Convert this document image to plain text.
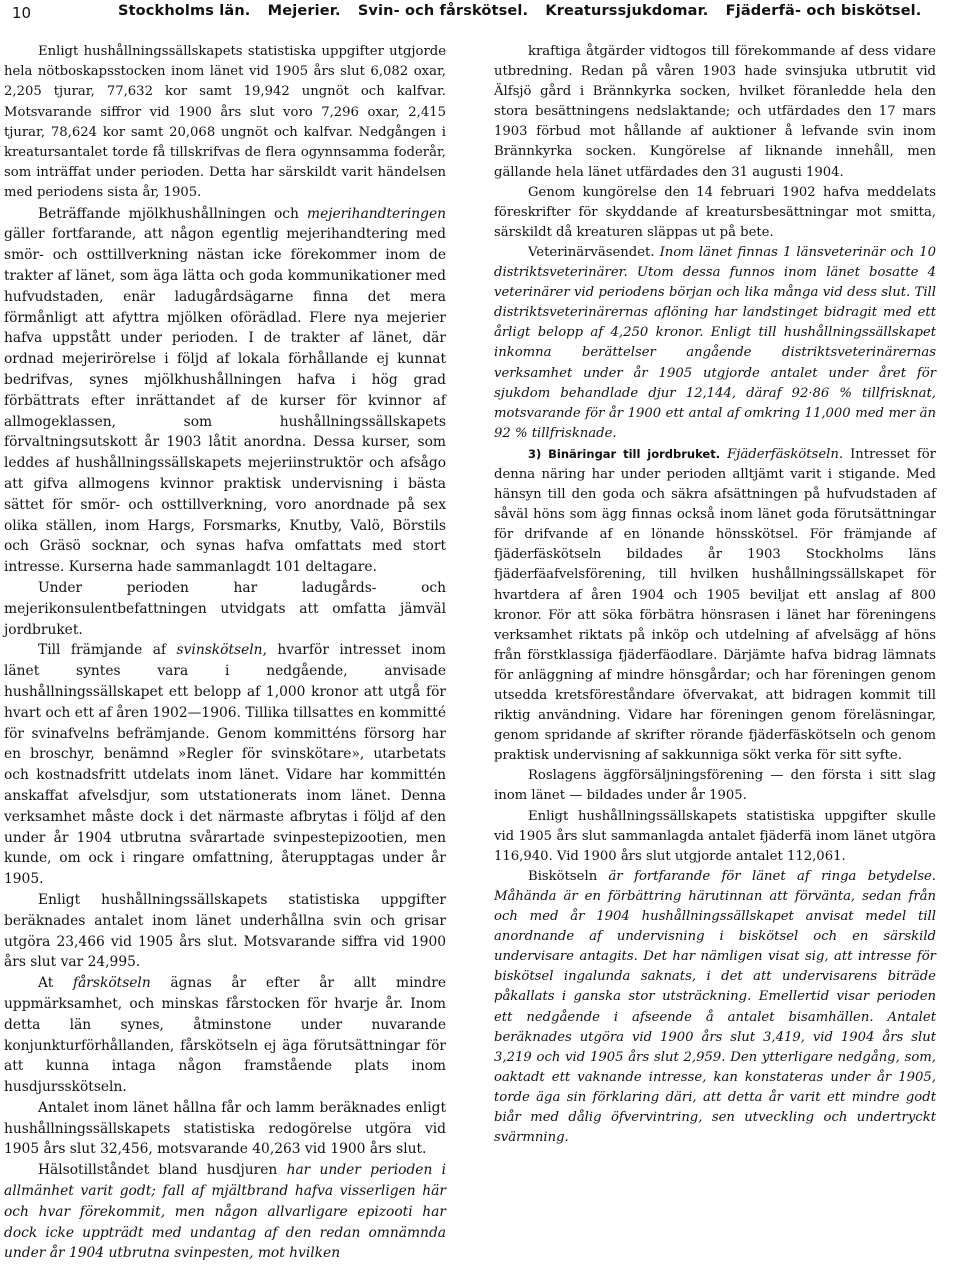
10	Stockholms län. Mejerier. Svin- och fårskötsel. Kreaturssjukdomar. Fjäderfä- och biskötsel.

Enligt hushållningssällskapets statistiska uppgifter utgjorde hela nötboskapsstocken inom länet vid 1905 års slut 6,082 oxar, 2,205 tjurar, 77,632 kor samt 19,942 ungnöt och kalfvar. Motsvarande siffror vid 1900 års slut voro 7,296 oxar, 2,415 tjurar, 78,624 kor samt 20,068 ungnöt och kalfvar. Nedgången i kreatursantalet torde få tillskrifvas de flera ogynnsamma foderår, som inträffat under perioden. Detta har särskildt varit händelsen med periodens sista år, 1905.

Beträffande mjölkhushållningen och mejerihandteringen gäller fortfarande, att någon egentlig mejerihandtering med smör- och osttillverkning nästan icke förekommer inom de trakter af länet, som äga lätta och goda kommunikationer med hufvudstaden, enär ladugårdsägarne finna det mera förmånligt att afyttra mjölken oförädlad. Flere nya mejerier hafva uppstått under perioden. I de trakter af länet, där ordnad mejerirörelse i följd af lokala förhållande ej kunnat bedrifvas, synes mjölkhushållningen hafva i hög grad förbättrats efter inrättandet af de kurser för kvinnor af allmogeklassen, som hushållningssällskapets förvaltningsutskott år 1903 låtit anordna. Dessa kurser, som leddes af hushållningssällskapets mejeriinstruktör och afsågo att gifva allmogens kvinnor praktisk undervisning i bästa sättet för smör- och osttillverkning, voro anordnade på sex olika ställen, inom Hargs, Forsmarks, Knutby, Valö, Börstils och Gräsö socknar, och synas hafva omfattats med stort intresse. Kurserna hade sammanlagdt 101 deltagare.

Under perioden har ladugårds- och mejerikonsulentbefattningen utvidgats att omfatta jämväl jordbruket.

Till främjande af svinskötseln, hvarför intresset inom länet syntes vara i nedgående, anvisade hushållningssällskapet ett belopp af 1,000 kronor att utgå för hvart och ett af åren 1902—1906. Tillika tillsattes en kommitté för svinafvelns befrämjande. Genom kommitténs försorg har en broschyr, benämnd »Regler för svinskötare», utarbetats och kostnadsfritt utdelats inom länet. Vidare har kommittén anskaffat afvelsdjur, som utstationerats inom länet. Denna verksamhet måste dock i det närmaste afbrytas i följd af den under år 1904 utbrutna svårartade svinpestepizootien, men kunde, om ock i ringare omfattning, återupptagas under år 1905.

Enligt hushållningssällskapets statistiska uppgifter beräknades antalet inom länet underhållna svin och grisar utgöra 23,466 vid 1905 års slut. Motsvarande siffra vid 1900 års slut var 24,995.

At fårskötseln ägnas år efter år allt mindre uppmärksamhet, och minskas fårstocken för hvarje år. Inom detta län synes, åtminstone under nuvarande konjunkturförhållanden, fårskötseln ej äga förutsättningar för att kunna intaga någon framstående plats inom husdjursskötseln.

Antalet inom länet hållna får och lamm beräknades enligt hushållningssällskapets statistiska redogörelse utgöra vid 1905 års slut 32,456, motsvarande 40,263 vid 1900 års slut.

Hälsotillståndet bland husdjuren har under perioden i allmänhet varit godt; fall af mjältbrand hafva visserligen här och hvar förekommit, men någon allvarligare epizooti har dock icke uppträdt med undantag af den redan omnämnda under år 1904 utbrutna svinpesten, mot hvilken

kraftiga åtgärder vidtogos till förekommande af dess vidare utbredning. Redan på våren 1903 hade svinsjuka utbrutit vid Älfsjö gård i Brännkyrka socken, hvilket föranledde hela den stora besättningens nedslaktande; och utfärdades den 17 mars 1903 förbud mot hållande af auktioner å lefvande svin inom Brännkyrka socken. Kungörelse af liknande innehåll, men gällande hela länet utfärdades den 31 augusti 1904.

Genom kungörelse den 14 februari 1902 hafva meddelats föreskrifter för skyddande af kreatursbesättningar mot smitta, särskildt då kreaturen släppas ut på bete.

Veterinärväsendet. Inom länet finnas 1 länsveterinär och 10 distriktsveterinärer. Utom dessa funnos inom länet bosatte 4 veterinärer vid periodens början och lika många vid dess slut. Till distriktsveterinärernas aflöning har landstinget bidragit med ett årligt belopp af 4,250 kronor. Enligt till hushållningssällskapet inkomna berättelser angående distriktsveterinärernas verksamhet under år 1905 utgjorde antalet under året för sjukdom behandlade djur 12,144, däraf 92·86 % tillfrisknat, motsvarande för år 1900 ett antal af omkring 11,000 med mer än 92 % tillfrisknade.

3) Binäringar till jordbruket. Fjäderfäskötseln. Intresset för denna näring har under perioden alltjämt varit i stigande. Med hänsyn till den goda och säkra afsättningen på hufvudstaden af såväl höns som ägg finnas också inom länet goda förutsättningar för drifvande af en lönande hönsskötsel. För främjande af fjäderfäskötseln bildades år 1903 Stockholms läns fjäderfäafvelsförening, till hvilken hushållningssällskapet för hvartdera af åren 1904 och 1905 beviljat ett anslag af 800 kronor. För att söka förbätra hönsrasen i länet har föreningens verksamhet riktats på inköp och utdelning af afvelsägg af höns från förstklassiga fjäderfäodlare. Därjämte hafva bidrag lämnats för anläggning af mindre hönsgårdar; och har föreningen genom utsedda kretsföreståndare öfvervakat, att bidragen kommit till riktig användning. Vidare har föreningen genom föreläsningar, genom spridande af skrifter rörande fjäderfäskötseln och genom praktisk undervisning af sakkunniga sökt verka för sitt syfte.

Roslagens äggförsäljningsförening — den första i sitt slag inom länet — bildades under år 1905.

Enligt hushållningssällskapets statistiska uppgifter skulle vid 1905 års slut sammanlagda antalet fjäderfä inom länet utgöra 116,940. Vid 1900 års slut utgjorde antalet 112,061.

Biskötseln är fortfarande för länet af ringa betydelse. Måhända är en förbättring härutinnan att förvänta, sedan från och med år 1904 hushållningssällskapet anvisat medel till anordnande af undervisning i biskötsel och en särskild undervisare antagits. Det har nämligen visat sig, att intresse för biskötsel ingalunda saknats, i det att undervisarens biträde påkallats i ganska stor utsträckning. Emellertid visar perioden ett nedgående i afseende å antalet bisamhällen. Antalet beräknades utgöra vid 1900 års slut 3,419, vid 1904 års slut 3,219 och vid 1905 års slut 2,959. Den ytterligare nedgång, som, oaktadt ett vaknande intresse, kan konstateras under år 1905, torde äga sin förklaring däri, att detta år varit ett mindre godt biår med dålig öfvervintring, sen utveckling och undertryckt svärmning.
